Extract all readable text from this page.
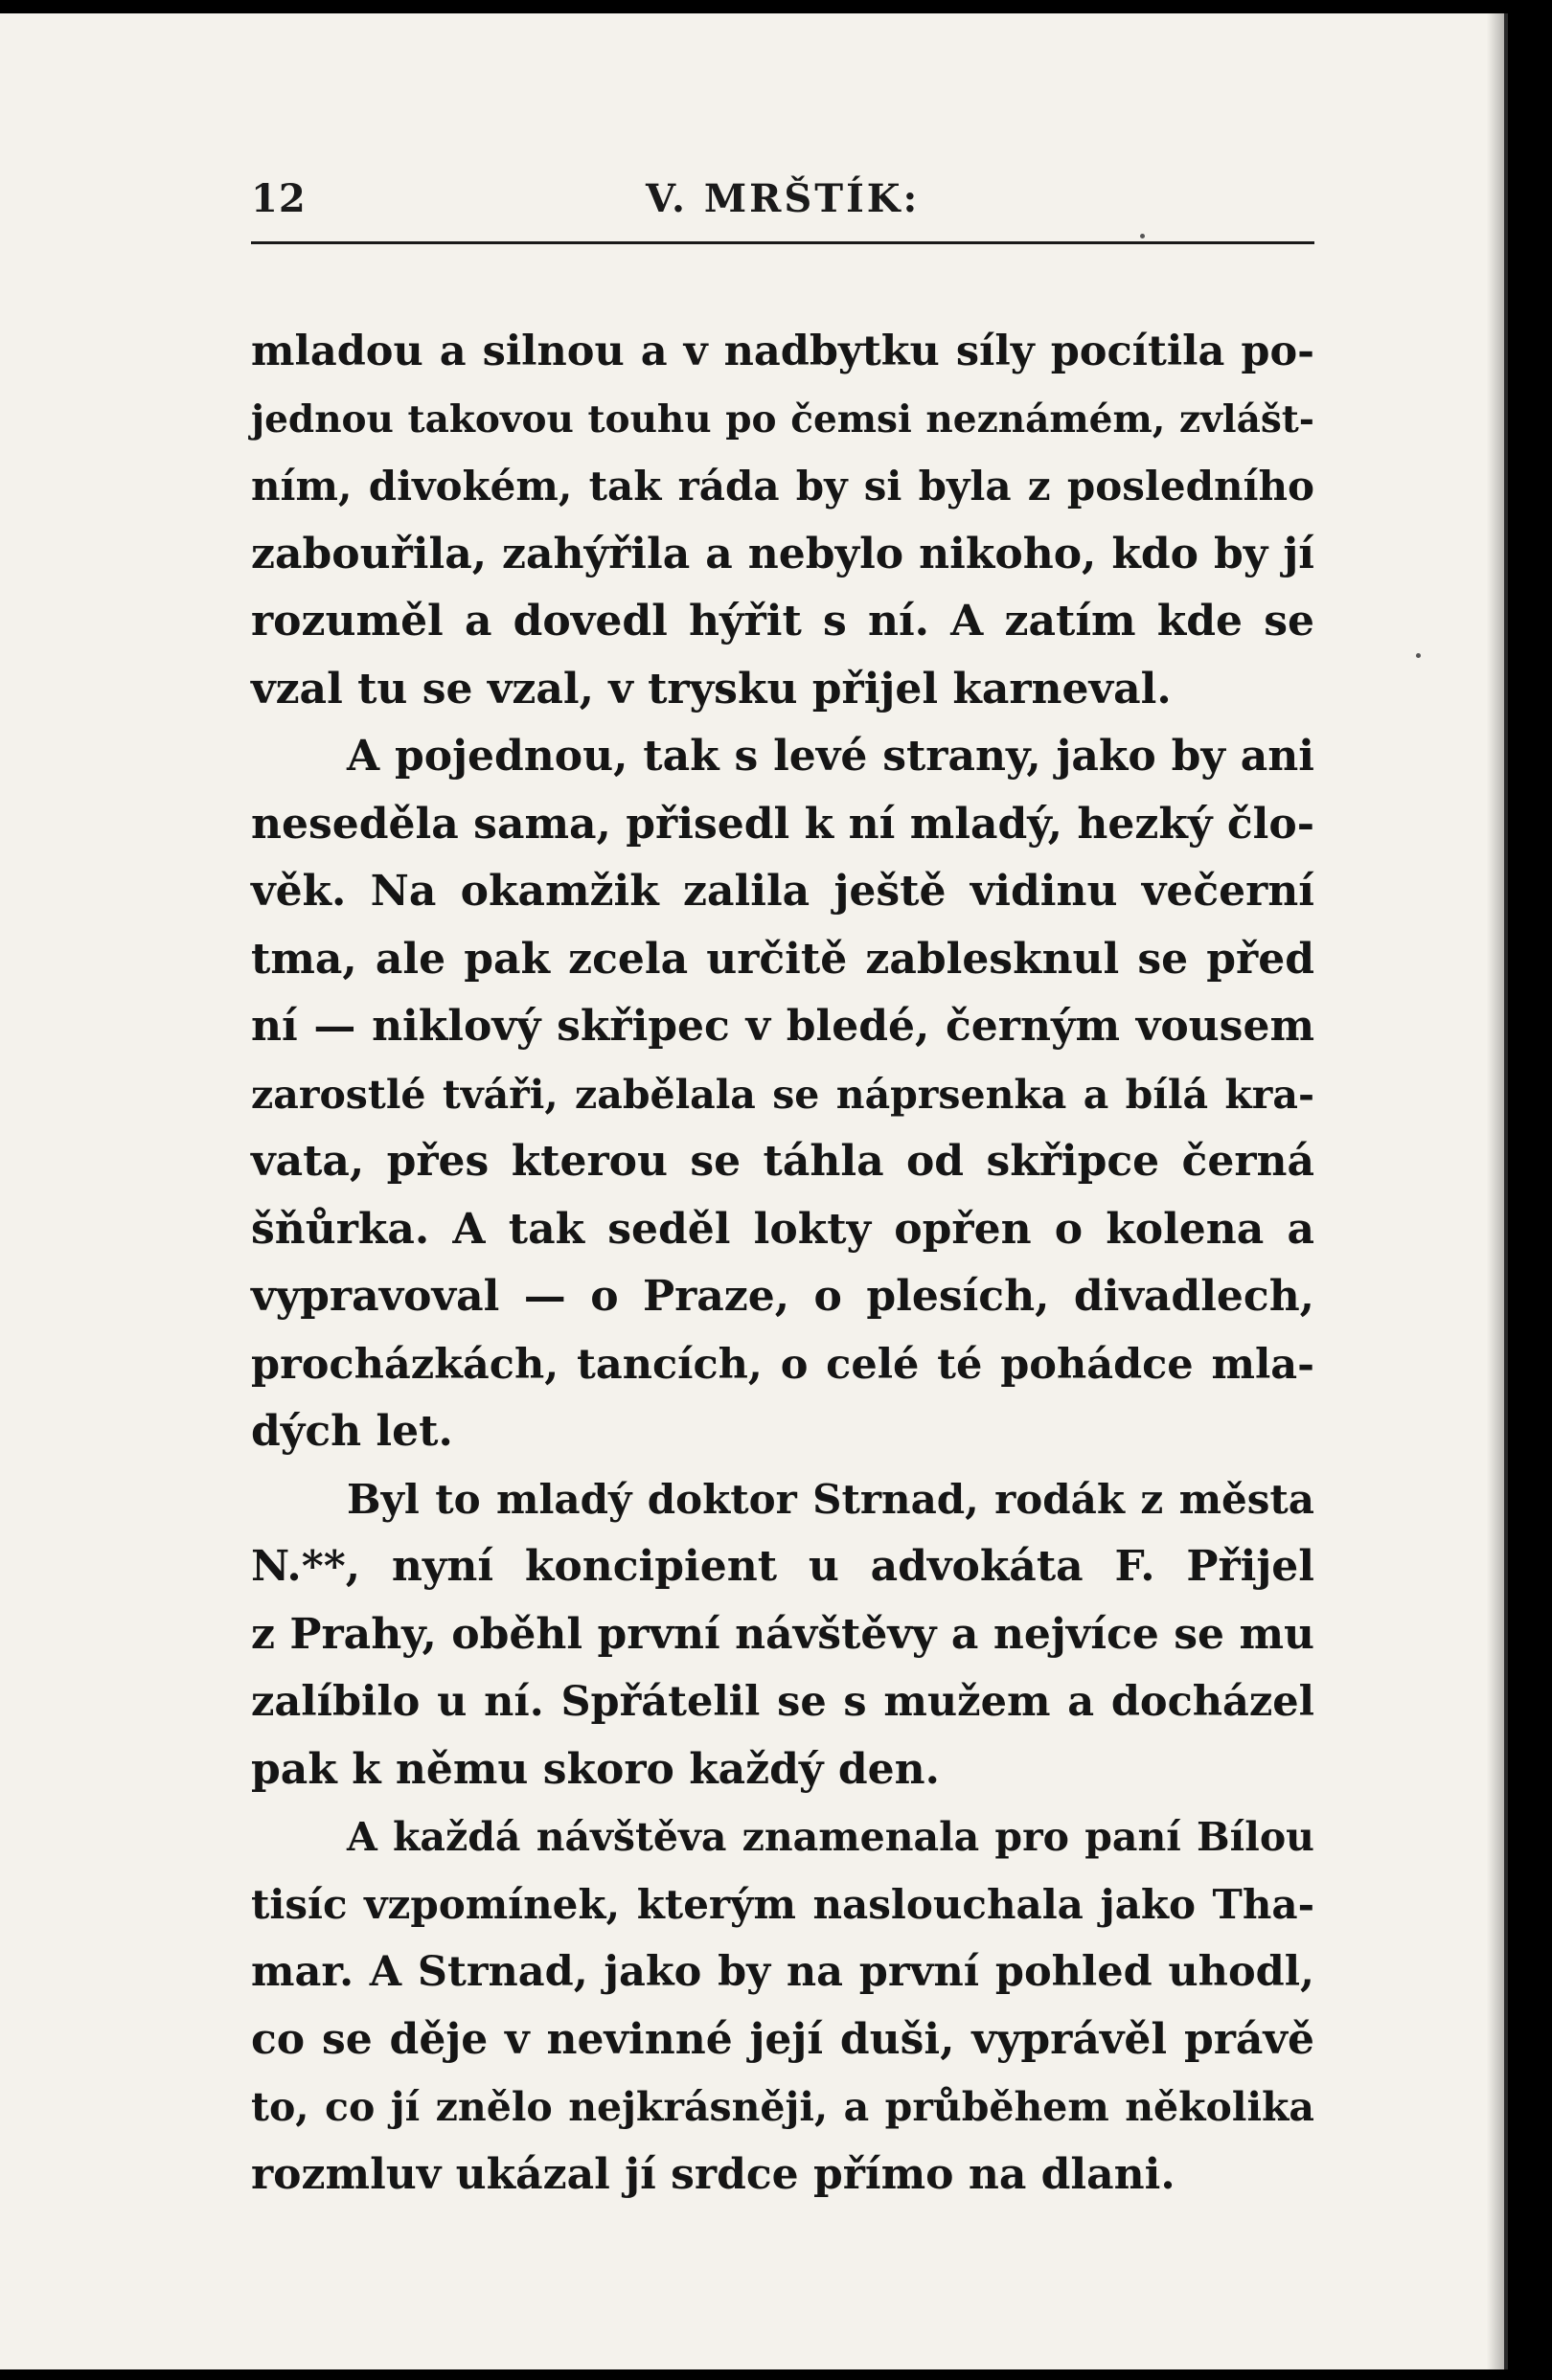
12	V. MRŠTÍK:
mladou a silnou a v nadbytku síly pocítila po-
jednou takovou touhu po čemsi neznámém, zvlášt-
ním, divokém, tak ráda by si byla z posledního
zabouřila, zahýřila a nebylo nikoho, kdo by jí
rozuměl a dovedl hýřit s ní. A zatím kde se
vzal tu se vzal, v trysku přijel karneval.
A pojednou, tak s levé strany, jako by ani
neseděla sama, přisedl k ní mladý, hezký člo-
věk. Na okamžik zalila ještě vidinu večerní
tma, ale pak zcela určitě zablesknul se před
ní — niklový skřipec v bledé, černým vousem
zarostlé tváři, zabělala se náprsenka a bílá kra-
vata, přes kterou se táhla od skřipce černá
šňůrka. A tak seděl lokty opřen o kolena a
vypravoval — o Praze, o plesích, divadlech,
procházkách, tancích, o celé té pohádce mla-
dých let.
Byl to mladý doktor Strnad, rodák z města
N.**, nyní koncipient u advokáta F. Přijel
z Prahy, oběhl první návštěvy a nejvíce se mu
zalíbilo u ní. Spřátelil se s mužem a docházel
pak k němu skoro každý den.
A každá návštěva znamenala pro paní Bílou
tisíc vzpomínek, kterým naslouchala jako Tha-
mar. A Strnad, jako by na první pohled uhodl,
co se děje v nevinné její duši, vyprávěl právě
to, co jí znělo nejkrásněji, a průběhem několika
rozmluv ukázal jí srdce přímo na dlani.
